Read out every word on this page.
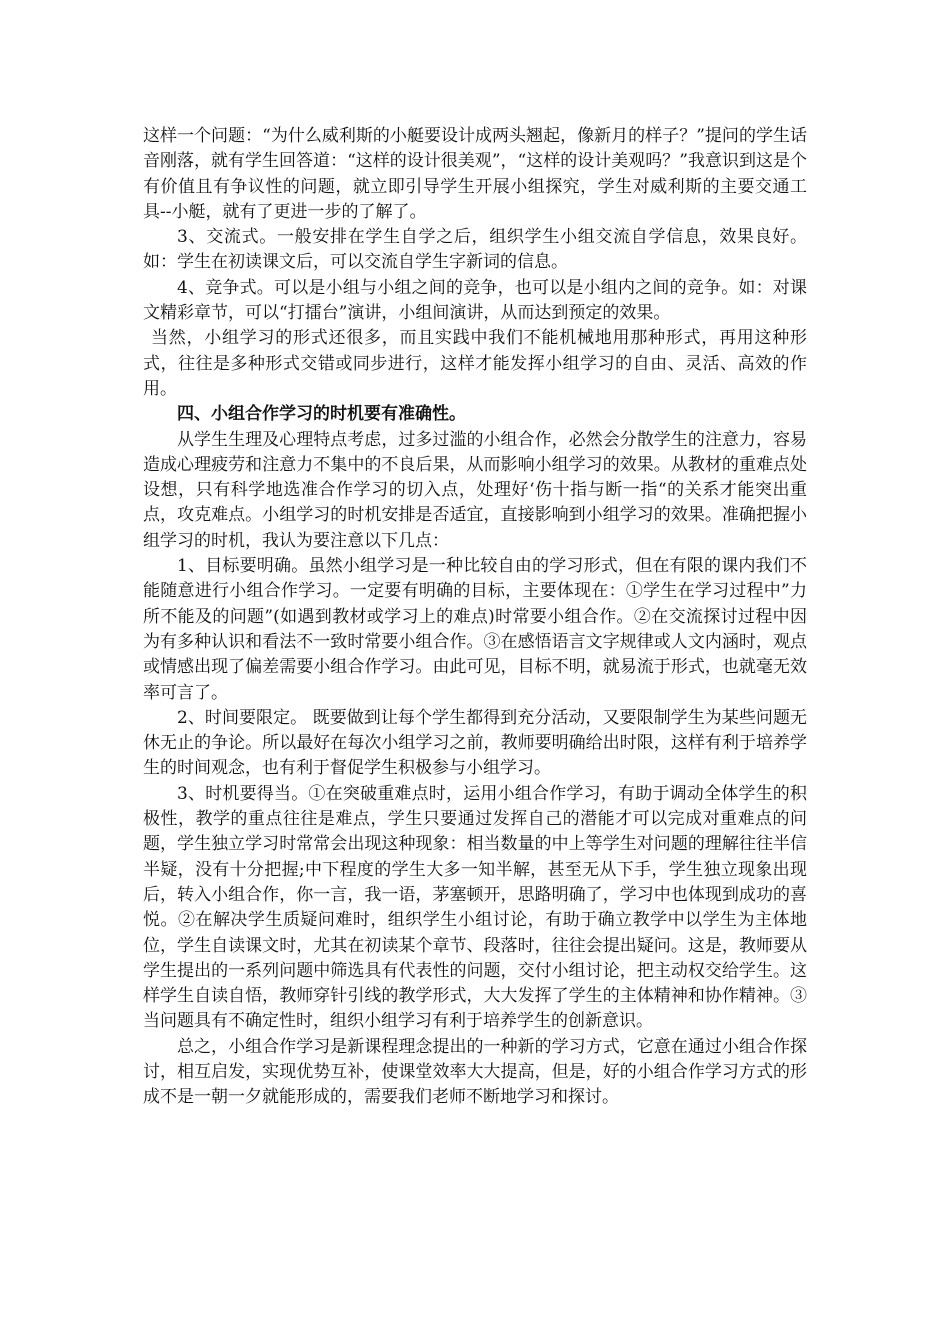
这样一个问题：“为什么威利斯的小艇要设计成两头翘起，像新月的样子？”提问的学生话音刚落，就有学生回答道：“这样的设计很美观”，“这样的设计美观吗？”我意识到这是个有价值且有争议性的问题，就立即引导学生开展小组探究，学生对威利斯的主要交通工具--小艇，就有了更进一步的了解了。

3、交流式。一般安排在学生自学之后，组织学生小组交流自学信息，效果良好。如：学生在初读课文后，可以交流自学生字新词的信息。

4、竞争式。可以是小组与小组之间的竞争，也可以是小组内之间的竞争。如：对课文精彩章节，可以“打擂台”演讲，小组间演讲，从而达到预定的效果。

当然，小组学习的形式还很多，而且实践中我们不能机械地用那种形式，再用这种形式，往往是多种形式交错或同步进行，这样才能发挥小组学习的自由、灵活、高效的作用。

四、小组合作学习的时机要有准确性。

从学生生理及心理特点考虑，过多过滥的小组合作，必然会分散学生的注意力，容易造成心理疲劳和注意力不集中的不良后果，从而影响小组学习的效果。从教材的重难点处设想，只有科学地选准合作学习的切入点，处理好‘伤十指与断一指“的关系才能突出重点，攻克难点。小组学习的时机安排是否适宜，直接影响到小组学习的效果。准确把握小组学习的时机，我认为要注意以下几点：

1、目标要明确。虽然小组学习是一种比较自由的学习形式，但在有限的课内我们不能随意进行小组合作学习。一定要有明确的目标，主要体现在：①学生在学习过程中”力所不能及的问题”(如遇到教材或学习上的难点)时常要小组合作。②在交流探讨过程中因为有多种认识和看法不一致时常要小组合作。③在感悟语言文字规律或人文内涵时，观点或情感出现了偏差需要小组合作学习。由此可见，目标不明，就易流于形式，也就毫无效率可言了。

2、时间要限定。 既要做到让每个学生都得到充分活动，又要限制学生为某些问题无休无止的争论。所以最好在每次小组学习之前，教师要明确给出时限，这样有利于培养学生的时间观念，也有利于督促学生积极参与小组学习。

3、时机要得当。①在突破重难点时，运用小组合作学习，有助于调动全体学生的积极性，教学的重点往往是难点，学生只要通过发挥自己的潜能才可以完成对重难点的问题，学生独立学习时常常会出现这种现象：相当数量的中上等学生对问题的理解往往半信半疑，没有十分把握;中下程度的学生大多一知半解，甚至无从下手，学生独立现象出现后，转入小组合作，你一言，我一语，茅塞顿开，思路明确了，学习中也体现到成功的喜悦。②在解决学生质疑问难时，组织学生小组讨论，有助于确立教学中以学生为主体地位，学生自读课文时，尤其在初读某个章节、段落时，往往会提出疑问。这是，教师要从学生提出的一系列问题中筛选具有代表性的问题，交付小组讨论，把主动权交给学生。这样学生自读自悟，教师穿针引线的教学形式，大大发挥了学生的主体精神和协作精神。③当问题具有不确定性时，组织小组学习有利于培养学生的创新意识。

总之，小组合作学习是新课程理念提出的一种新的学习方式，它意在通过小组合作探讨，相互启发，实现优势互补，使课堂效率大大提高，但是，好的小组合作学习方式的形成不是一朝一夕就能形成的，需要我们老师不断地学习和探讨。
